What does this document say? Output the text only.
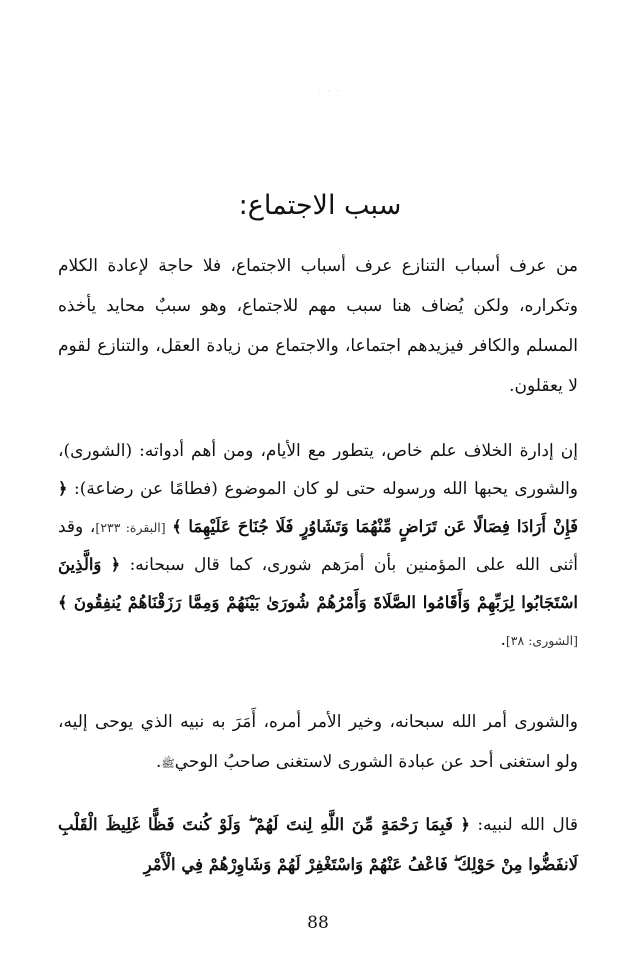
· · ·
سبب الاجتماع:
من عرف أسباب التنازع عرف أسباب الاجتماع، فلا حاجة لإعادة الكلام وتكراره، ولكن يُضاف هنا سبب مهم للاجتماع، وهو سببٌ محايد يأخذه المسلم والكافر فيزيدهم اجتماعا، والاجتماع من زيادة العقل، والتنازع لقوم لا يعقلون.
إن إدارة الخلاف علم خاص، يتطور مع الأيام، ومن أهم أدواته: (الشورى)، والشورى يحبها الله ورسوله حتى لو كان الموضوع (فطامًا عن رضاعة): ﴿ فَإِنْ أَرَادَا فِصَالًا عَن تَرَاضٍ مِّنْهُمَا وَتَشَاوُرٍ فَلَا جُنَاحَ عَلَيْهِمَا ﴾ [البقرة: ٢٣٣]، وقد أثنى الله على المؤمنين بأن أمرَهم شورى، كما قال سبحانه: ﴿ وَالَّذِينَ اسْتَجَابُوا لِرَبِّهِمْ وَأَقَامُوا الصَّلَاةَ وَأَمْرُهُمْ شُورَىٰ بَيْنَهُمْ وَمِمَّا رَزَقْنَاهُمْ يُنفِقُونَ ﴾ [الشورى: ٣٨].
والشورى أمر الله سبحانه، وخير الأمر أمره، أَمَرَ به نبيه الذي يوحى إليه، ولو استغنى أحد عن عبادة الشورى لاستغنى صاحبُ الوحيﷺ.
قال الله لنبيه: ﴿ فَبِمَا رَحْمَةٍ مِّنَ اللَّهِ لِنتَ لَهُمْ ۖ وَلَوْ كُنتَ فَظًّا غَلِيظَ الْقَلْبِ لَانفَضُّوا مِنْ حَوْلِكَ ۖ فَاعْفُ عَنْهُمْ وَاسْتَغْفِرْ لَهُمْ وَشَاوِرْهُمْ فِي الْأَمْرِ
88
